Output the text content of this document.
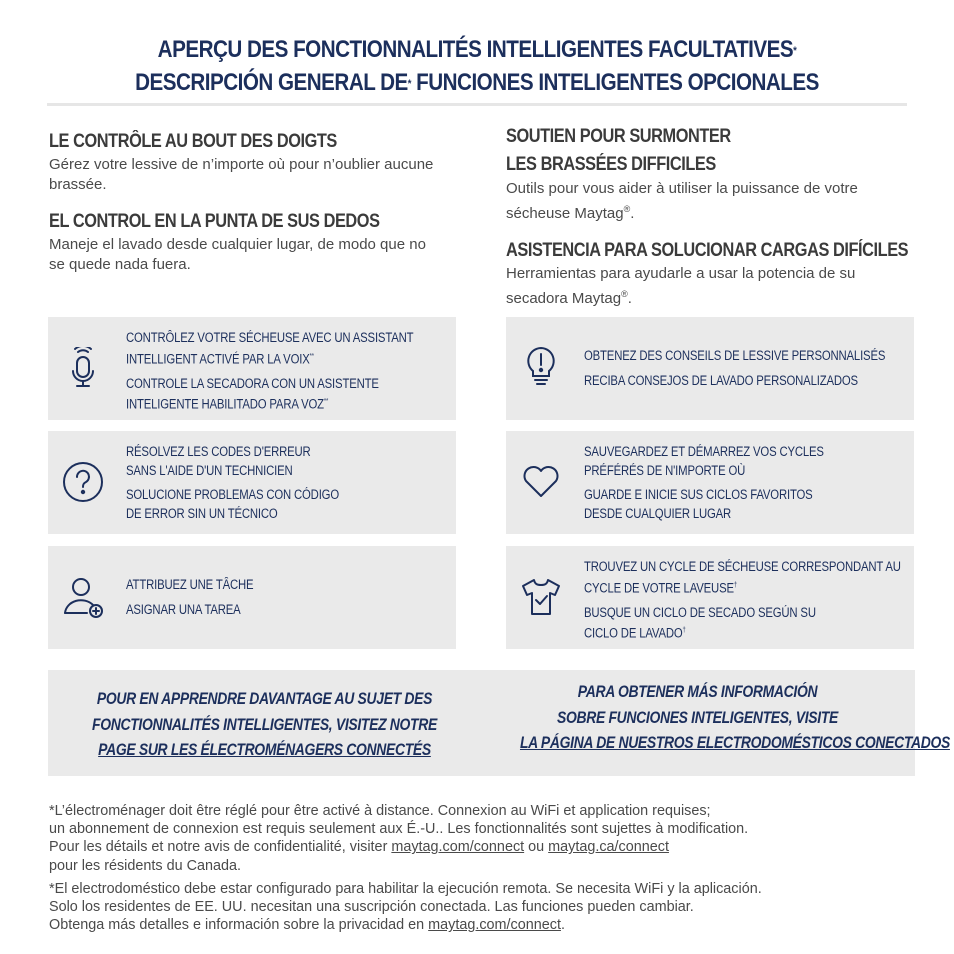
APERÇU DES FONCTIONNALITÉS INTELLIGENTES FACULTATIVES*
DESCRIPCIÓN GENERAL DE* FUNCIONES INTELIGENTES OPCIONALES
LE CONTRÔLE AU BOUT DES DOIGTS

Gérez votre lessive de n’importe où pour n’oublier aucune brassée.

EL CONTROL EN LA PUNTA DE SUS DEDOS

Maneje el lavado desde cualquier lugar, de modo que no se quede nada fuera.

SOUTIEN POUR SURMONTER
LES BRASSÉES DIFFICILES

Outils pour vous aider à utiliser la puissance de votre sécheuse Maytag®.

ASISTENCIA PARA SOLUCIONAR CARGAS DIFÍCILES

Herramientas para ayudarle a usar la potencia de su secadora Maytag®.

CONTRÔLEZ VOTRE SÉCHEUSE AVEC UN ASSISTANT
INTELLIGENT ACTIVÉ PAR LA VOIX**
CONTROLE LA SECADORA CON UN ASISTENTE
INTELIGENTE HABILITADO PARA VOZ**
OBTENEZ DES CONSEILS DE LESSIVE PERSONNALISÉS
RECIBA CONSEJOS DE LAVADO PERSONALIZADOS
RÉSOLVEZ LES CODES D'ERREUR
SANS L'AIDE D'UN TECHNICIEN
SOLUCIONE PROBLEMAS CON CÓDIGO
DE ERROR SIN UN TÉCNICO
SAUVEGARDEZ ET DÉMARREZ VOS CYCLES
PRÉFÉRÉS DE N'IMPORTE OÙ
GUARDE E INICIE SUS CICLOS FAVORITOS
DESDE CUALQUIER LUGAR
ATTRIBUEZ UNE TÂCHE
ASIGNAR UNA TAREA
TROUVEZ UN CYCLE DE SÉCHEUSE CORRESPONDANT AU
CYCLE DE VOTRE LAVEUSE†
BUSQUE UN CICLO DE SECADO SEGÚN SU
CICLO DE LAVADO†
POUR EN APPRENDRE DAVANTAGE AU SUJET DES
FONCTIONNALITÉS INTELLIGENTES, VISITEZ NOTRE
PAGE SUR LES ÉLECTROMÉNAGERS CONNECTÉS
PARA OBTENER MÁS INFORMACIÓN
SOBRE FUNCIONES INTELIGENTES, VISITE
LA PÁGINA DE NUESTROS ELECTRODOMÉSTICOS CONECTADOS

*L’électroménager doit être réglé pour être activé à distance. Connexion au WiFi et application requises;

un abonnement de connexion est requis seulement aux É.-U.. Les fonctionnalités sont sujettes à modification.

Pour les détails et notre avis de confidentialité, visiter maytag.com/connect ou maytag.ca/connect

pour les résidents du Canada.

*El electrodoméstico debe estar configurado para habilitar la ejecución remota. Se necesita WiFi y la aplicación.

Solo los residentes de EE. UU. necesitan una suscripción conectada. Las funciones pueden cambiar.

Obtenga más detalles e información sobre la privacidad en maytag.com/connect.
